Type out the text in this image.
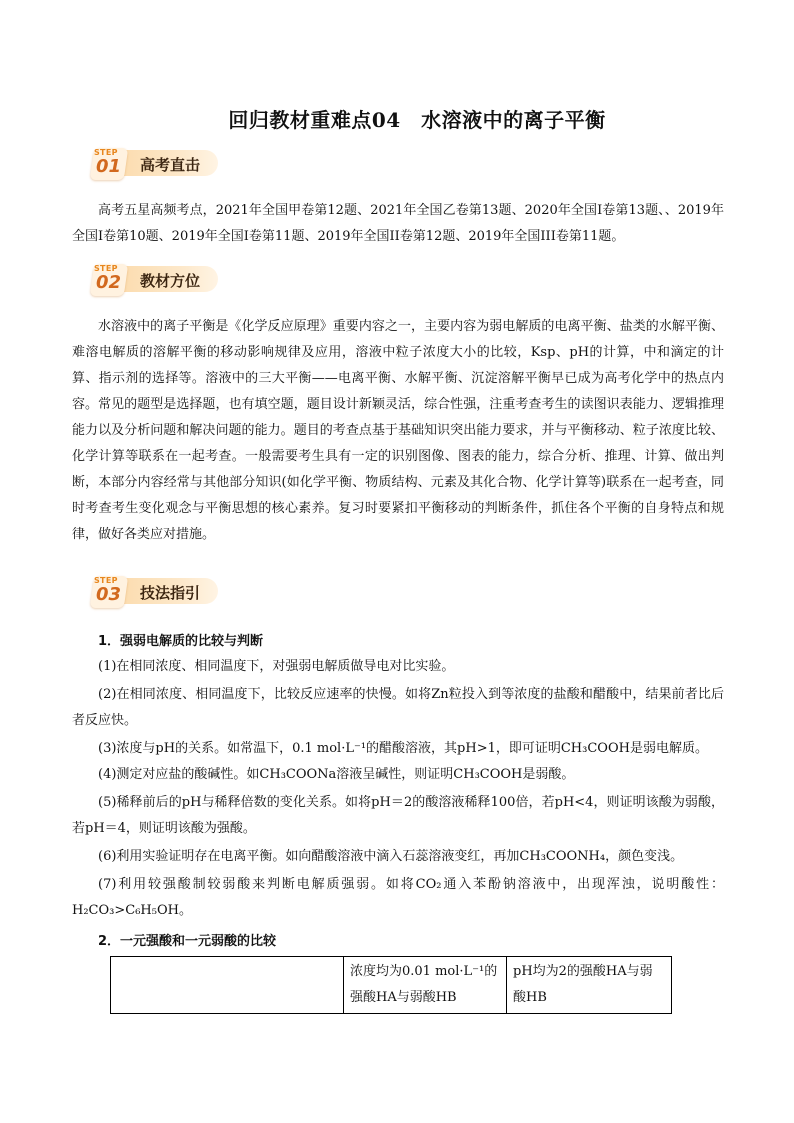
回归教材重难点04　水溶液中的离子平衡
STEP
01 高考直击
高考五星高频考点，2021年全国甲卷第12题、2021年全国乙卷第13题、2020年全国I卷第13题、、2019年全国I卷第10题、2019年全国I卷第11题、2019年全国II卷第12题、2019年全国III卷第11题。
STEP
02 教材方位
水溶液中的离子平衡是《化学反应原理》重要内容之一，主要内容为弱电解质的电离平衡、盐类的水解平衡、难溶电解质的溶解平衡的移动影响规律及应用，溶液中粒子浓度大小的比较，Ksp、pH的计算，中和滴定的计算、指示剂的选择等。溶液中的三大平衡——电离平衡、水解平衡、沉淀溶解平衡早已成为高考化学中的热点内容。常见的题型是选择题，也有填空题，题目设计新颖灵活，综合性强，注重考查考生的读图识表能力、逻辑推理能力以及分析问题和解决问题的能力。题目的考查点基于基础知识突出能力要求，并与平衡移动、粒子浓度比较、化学计算等联系在一起考查。一般需要考生具有一定的识别图像、图表的能力，综合分析、推理、计算、做出判断，本部分内容经常与其他部分知识(如化学平衡、物质结构、元素及其化合物、化学计算等)联系在一起考查，同时考查考生变化观念与平衡思想的核心素养。复习时要紧扣平衡移动的判断条件，抓住各个平衡的自身特点和规律，做好各类应对措施。
STEP
03 技法指引
1．强弱电解质的比较与判断
(1)在相同浓度、相同温度下，对强弱电解质做导电对比实验。
(2)在相同浓度、相同温度下，比较反应速率的快慢。如将Zn粒投入到等浓度的盐酸和醋酸中，结果前者比后者反应快。
(3)浓度与pH的关系。如常温下，0.1 mol·L⁻¹的醋酸溶液，其pH>1，即可证明CH₃COOH是弱电解质。
(4)测定对应盐的酸碱性。如CH₃COONa溶液呈碱性，则证明CH₃COOH是弱酸。
(5)稀释前后的pH与稀释倍数的变化关系。如将pH＝2的酸溶液稀释100倍，若pH<4，则证明该酸为弱酸，若pH＝4，则证明该酸为强酸。
(6)利用实验证明存在电离平衡。如向醋酸溶液中滴入石蕊溶液变红，再加CH₃COONH₄，颜色变浅。
(7)利用较强酸制较弱酸来判断电解质强弱。如将CO₂通入苯酚钠溶液中，出现浑浊，说明酸性：H₂CO₃>C₆H₅OH。
2．一元强酸和一元弱酸的比较
	浓度均为0.01 mol·L⁻¹的强酸HA与弱酸HB	pH均为2的强酸HA与弱酸HB
